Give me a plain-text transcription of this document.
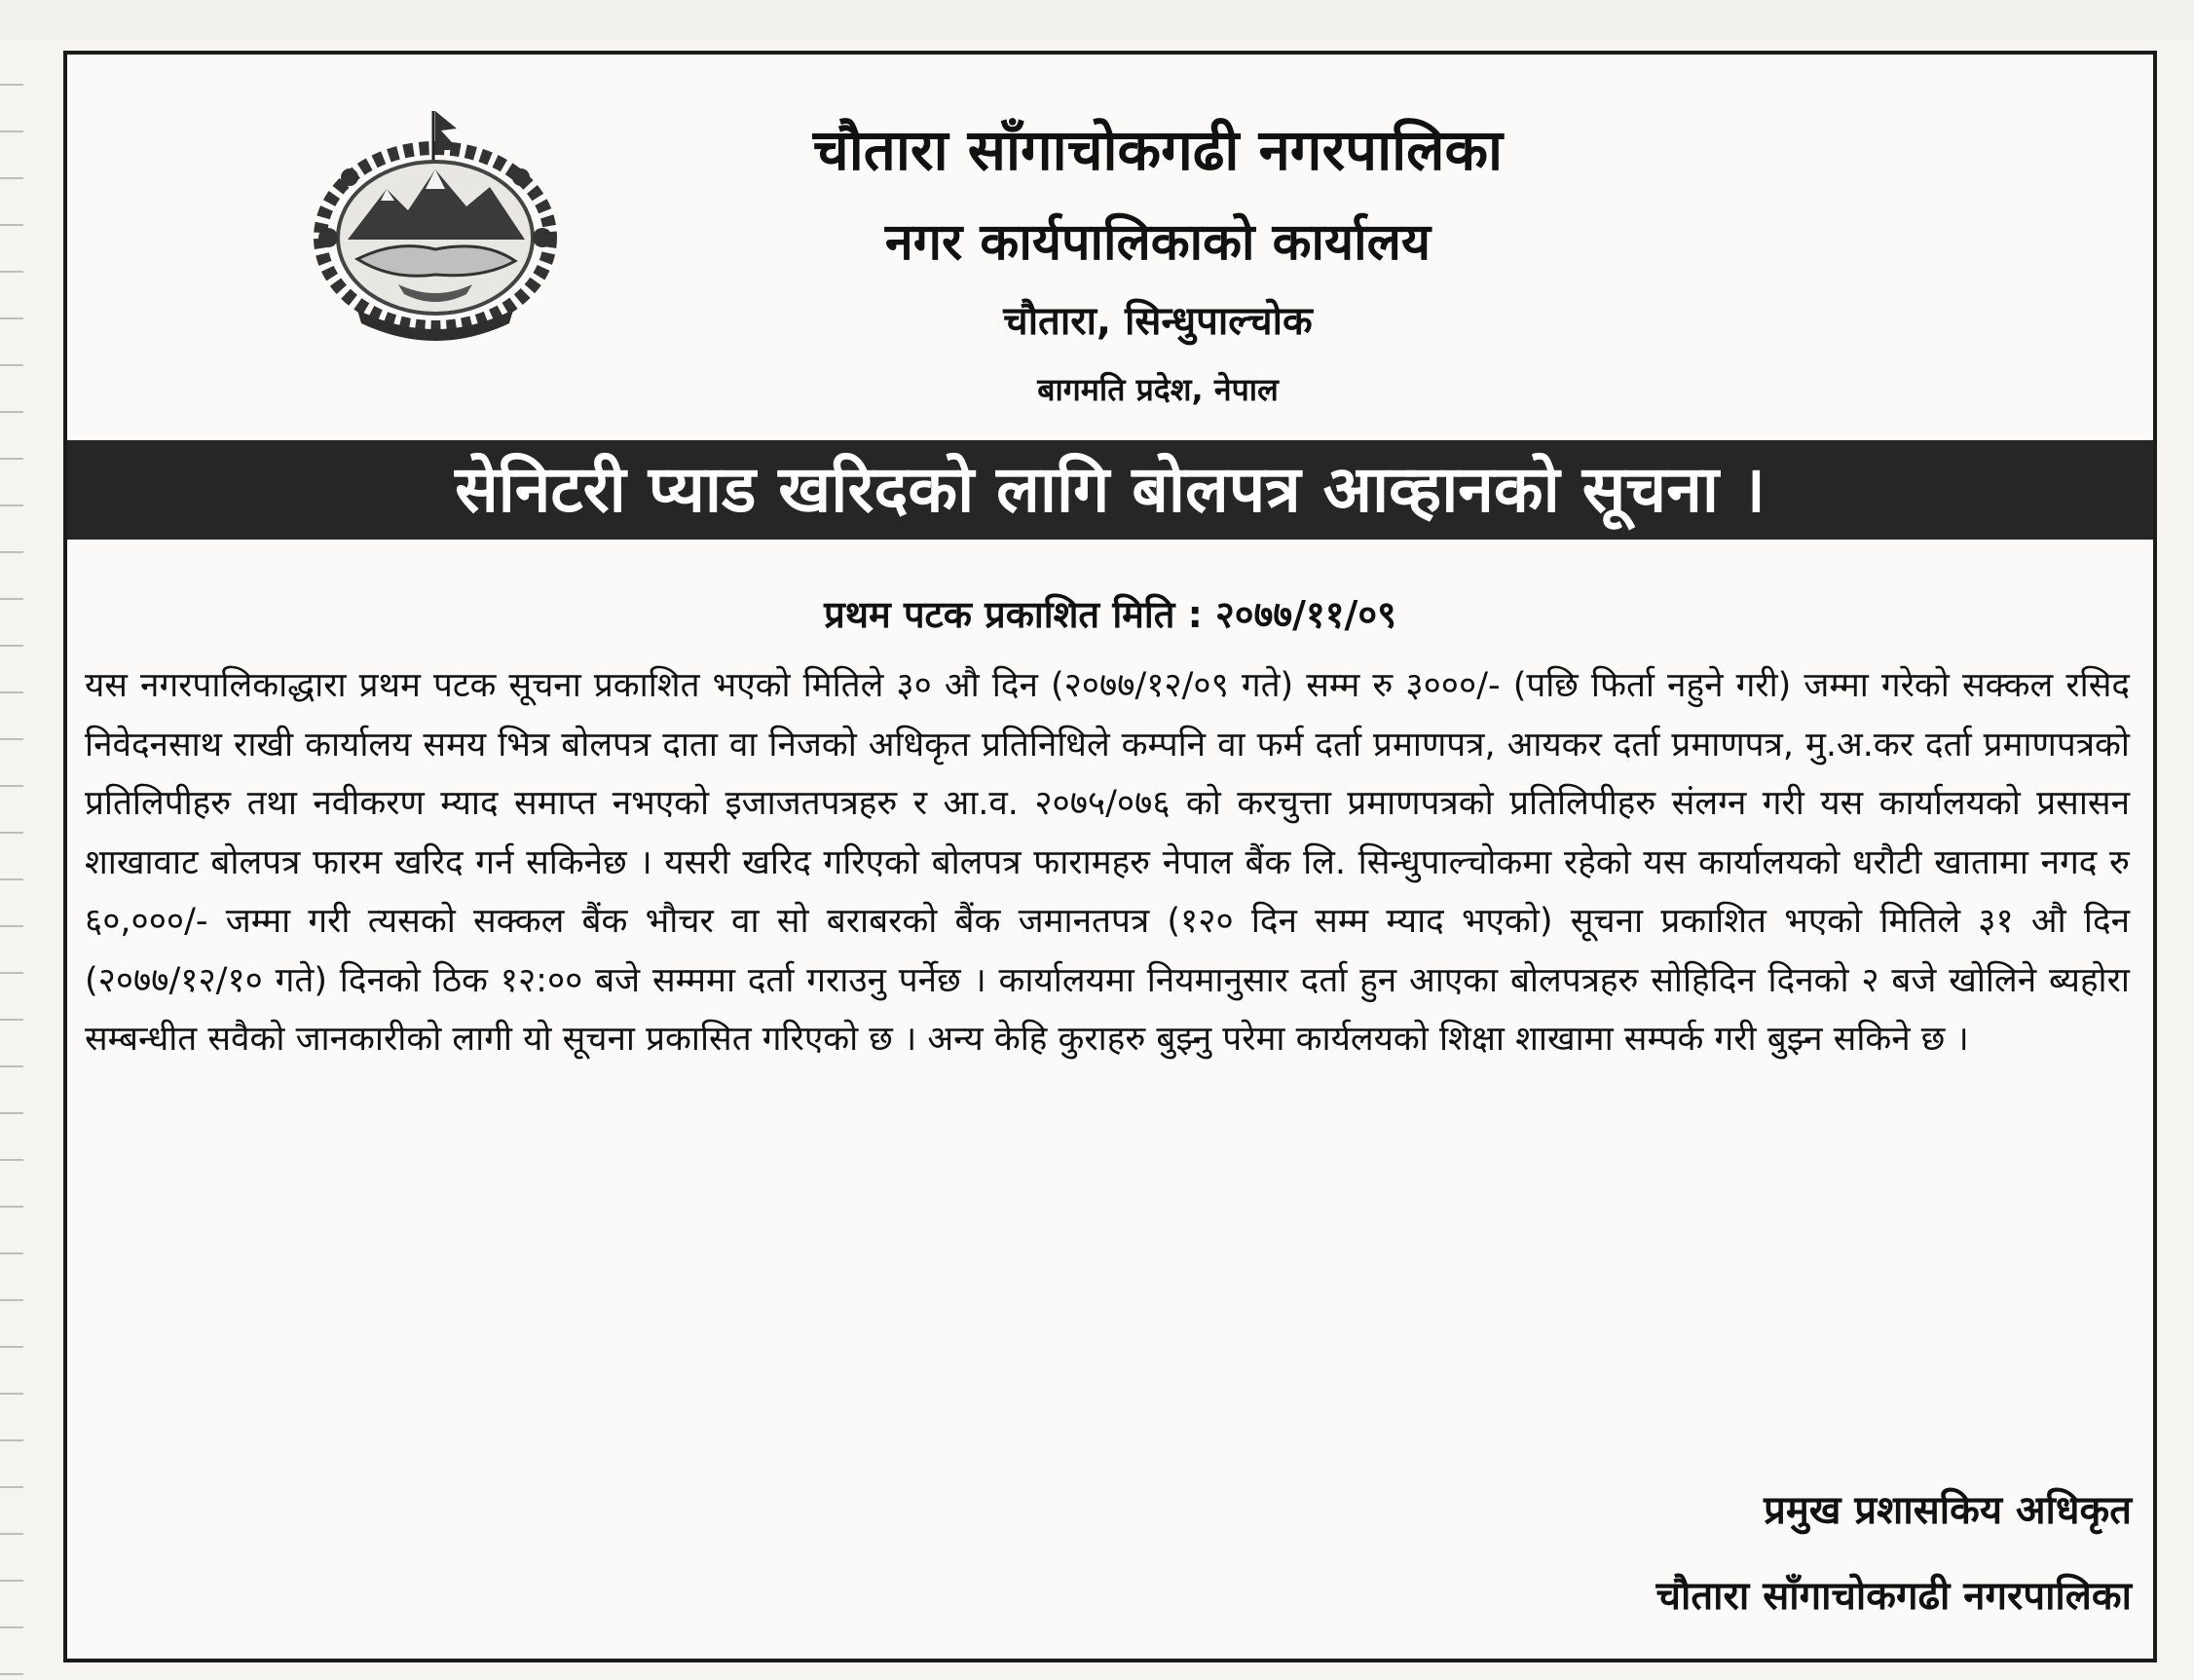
चौतारा साँगाचोकगढी नगरपालिका
नगर कार्यपालिकाको कार्यालय
चौतारा, सिन्धुपाल्चोक
बागमति प्रदेश, नेपाल
सेनिटरी प्याड खरिदको लागि बोलपत्र आव्हानको सूचना ।
प्रथम पटक प्रकाशित मिति : २०७७/११/०९

यस नगरपालिकाद्धारा प्रथम पटक सूचना प्रकाशित भएको मितिले ३० औ दिन (२०७७/१२/०९ गते) सम्म रु ३०००/- (पछि फिर्ता नहुने गरी) जम्मा गरेको सक्कल रसिद निवेदनसाथ राखी कार्यालय समय भित्र बोलपत्र दाता वा निजको अधिकृत प्रतिनिधिले कम्पनि वा फर्म दर्ता प्रमाणपत्र, आयकर दर्ता प्रमाणपत्र, मु.अ.कर दर्ता प्रमाणपत्रको प्रतिलिपीहरु तथा नवीकरण म्याद समाप्त नभएको इजाजतपत्रहरु र आ.व. २०७५/०७६ को करचुत्ता प्रमाणपत्रको प्रतिलिपीहरु संलग्न गरी यस कार्यालयको प्रसासन शाखावाट बोलपत्र फारम खरिद गर्न सकिनेछ । यसरी खरिद गरिएको बोलपत्र फारामहरु नेपाल बैंक लि. सिन्धुपाल्चोकमा रहेको यस कार्यालयको धरौटी खातामा नगद रु ६०,०००/- जम्मा गरी त्यसको सक्कल बैंक भौचर वा सो बराबरको बैंक जमानतपत्र (१२० दिन सम्म म्याद भएको) सूचना प्रकाशित भएको मितिले ३१ औ दिन (२०७७/१२/१० गते) दिनको ठिक १२:०० बजे सम्ममा दर्ता गराउनु पर्नेछ । कार्यालयमा नियमानुसार दर्ता हुन आएका बोलपत्रहरु सोहिदिन दिनको २ बजे खोलिने ब्यहोरा सम्बन्धीत सवैको जानकारीको लागी यो सूचना प्रकासित गरिएको छ । अन्य केहि कुराहरु बुझ्नु परेमा कार्यलयको शिक्षा शाखामा सम्पर्क गरी बुझ्न सकिने छ ।

प्रमुख प्रशासकिय अधिकृत
चौतारा साँगाचोकगढी नगरपालिका
